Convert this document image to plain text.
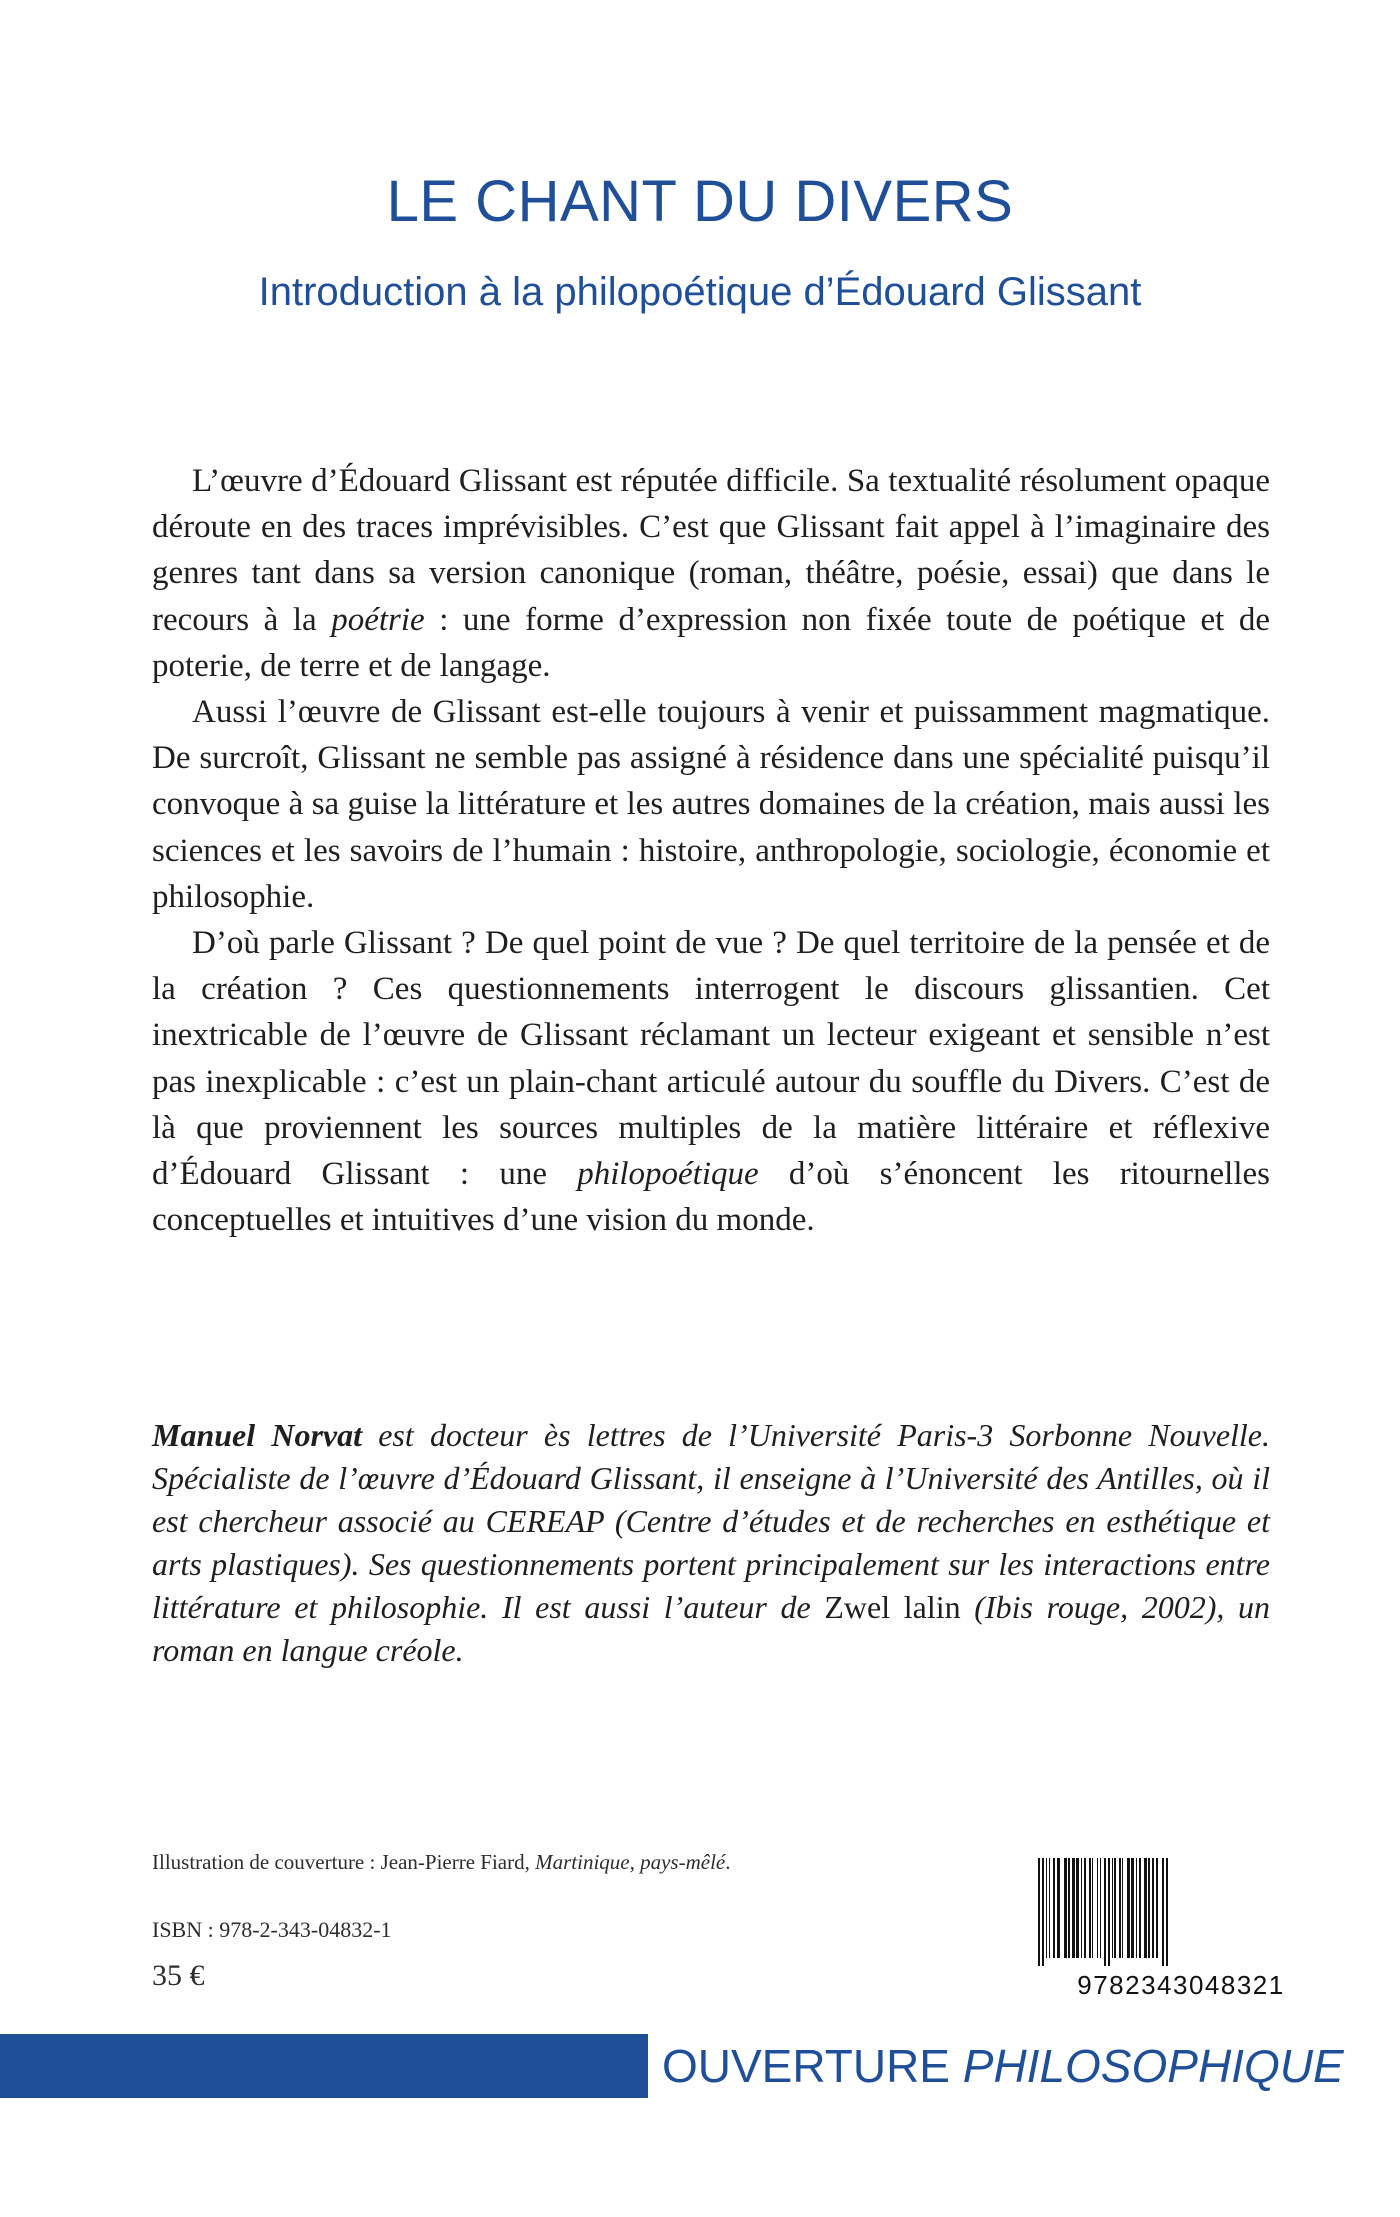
LE CHANT DU DIVERS
Introduction à la philopoétique d’Édouard Glissant

L’œuvre d’Édouard Glissant est réputée difficile. Sa textualité résolument opaque déroute en des traces imprévisibles. C’est que Glissant fait appel à l’imaginaire des genres tant dans sa version canonique (roman, théâtre, poésie, essai) que dans le recours à la poétrie : une forme d’expression non fixée toute de poétique et de poterie, de terre et de langage.

Aussi l’œuvre de Glissant est-elle toujours à venir et puissamment magmatique. De surcroît, Glissant ne semble pas assigné à résidence dans une spécialité puisqu’il convoque à sa guise la littérature et les autres domaines de la création, mais aussi les sciences et les savoirs de l’humain : histoire, anthropologie, sociologie, économie et philosophie.

D’où parle Glissant ? De quel point de vue ? De quel territoire de la pensée et de la création ? Ces questionnements interrogent le discours glissantien. Cet inextricable de l’œuvre de Glissant réclamant un lecteur exigeant et sensible n’est pas inexplicable : c’est un plain-chant articulé autour du souffle du Divers. C’est de là que proviennent les sources multiples de la matière littéraire et réflexive d’Édouard Glissant : une philopoétique d’où s’énoncent les ritournelles conceptuelles et intuitives d’une vision du monde.

Manuel Norvat est docteur ès lettres de l’Université Paris-3 Sorbonne Nouvelle. Spécialiste de l’œuvre d’Édouard Glissant, il enseigne à l’Université des Antilles, où il est chercheur associé au CEREAP (Centre d’études et de recherches en esthétique et arts plastiques). Ses questionnements portent principalement sur les interactions entre littérature et philosophie. Il est aussi l’auteur de Zwel lalin (Ibis rouge, 2002), un roman en langue créole.

Illustration de couverture : Jean-Pierre Fiard, Martinique, pays-mêlé.
ISBN : 978-2-343-04832-1
35 €	9782343048321
OUVERTURE PHILOSOPHIQUE
